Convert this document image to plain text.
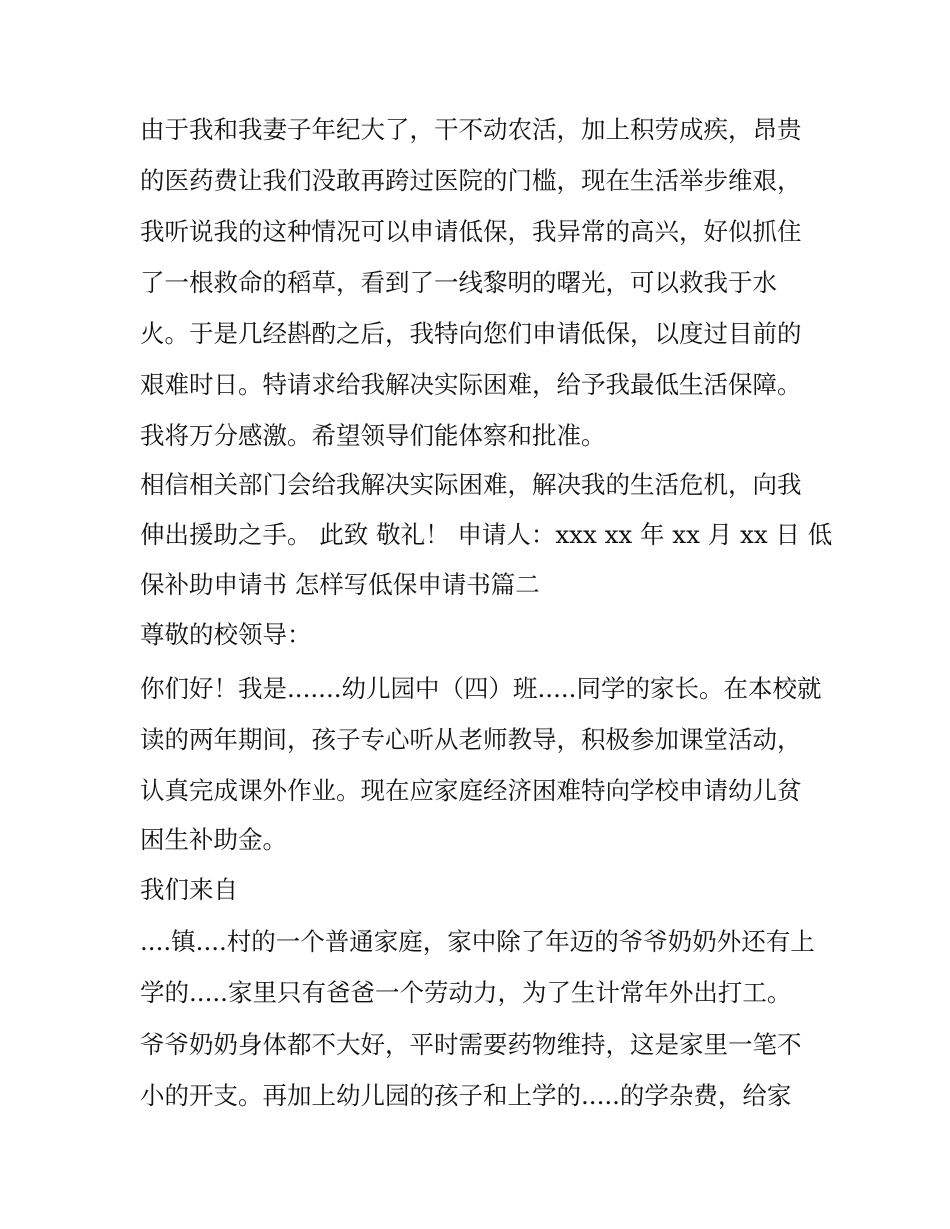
由于我和我妻子年纪大了，干不动农活，加上积劳成疾，昂贵
的医药费让我们没敢再跨过医院的门槛，现在生活举步维艰，
我听说我的这种情况可以申请低保，我异常的高兴，好似抓住
了一根救命的稻草，看到了一线黎明的曙光，可以救我于水
火。于是几经斟酌之后，我特向您们申请低保，以度过目前的
艰难时日。特请求给我解决实际困难，给予我最低生活保障。
我将万分感激。希望领导们能体察和批准。
相信相关部门会给我解决实际困难，解决我的生活危机，向我
伸出援助之手。 此致 敬礼！ 申请人：xxx xx 年 xx 月 xx 日 低
保补助申请书 怎样写低保申请书篇二
尊敬的校领导：
你们好！我是.......幼儿园中（四）班.....同学的家长。在本校就
读的两年期间，孩子专心听从老师教导，积极参加课堂活动，
认真完成课外作业。现在应家庭经济困难特向学校申请幼儿贫
困生补助金。
我们来自
....镇....村的一个普通家庭，家中除了年迈的爷爷奶奶外还有上
学的.....家里只有爸爸一个劳动力，为了生计常年外出打工。
爷爷奶奶身体都不大好，平时需要药物维持，这是家里一笔不
小的开支。再加上幼儿园的孩子和上学的.....的学杂费，给家
